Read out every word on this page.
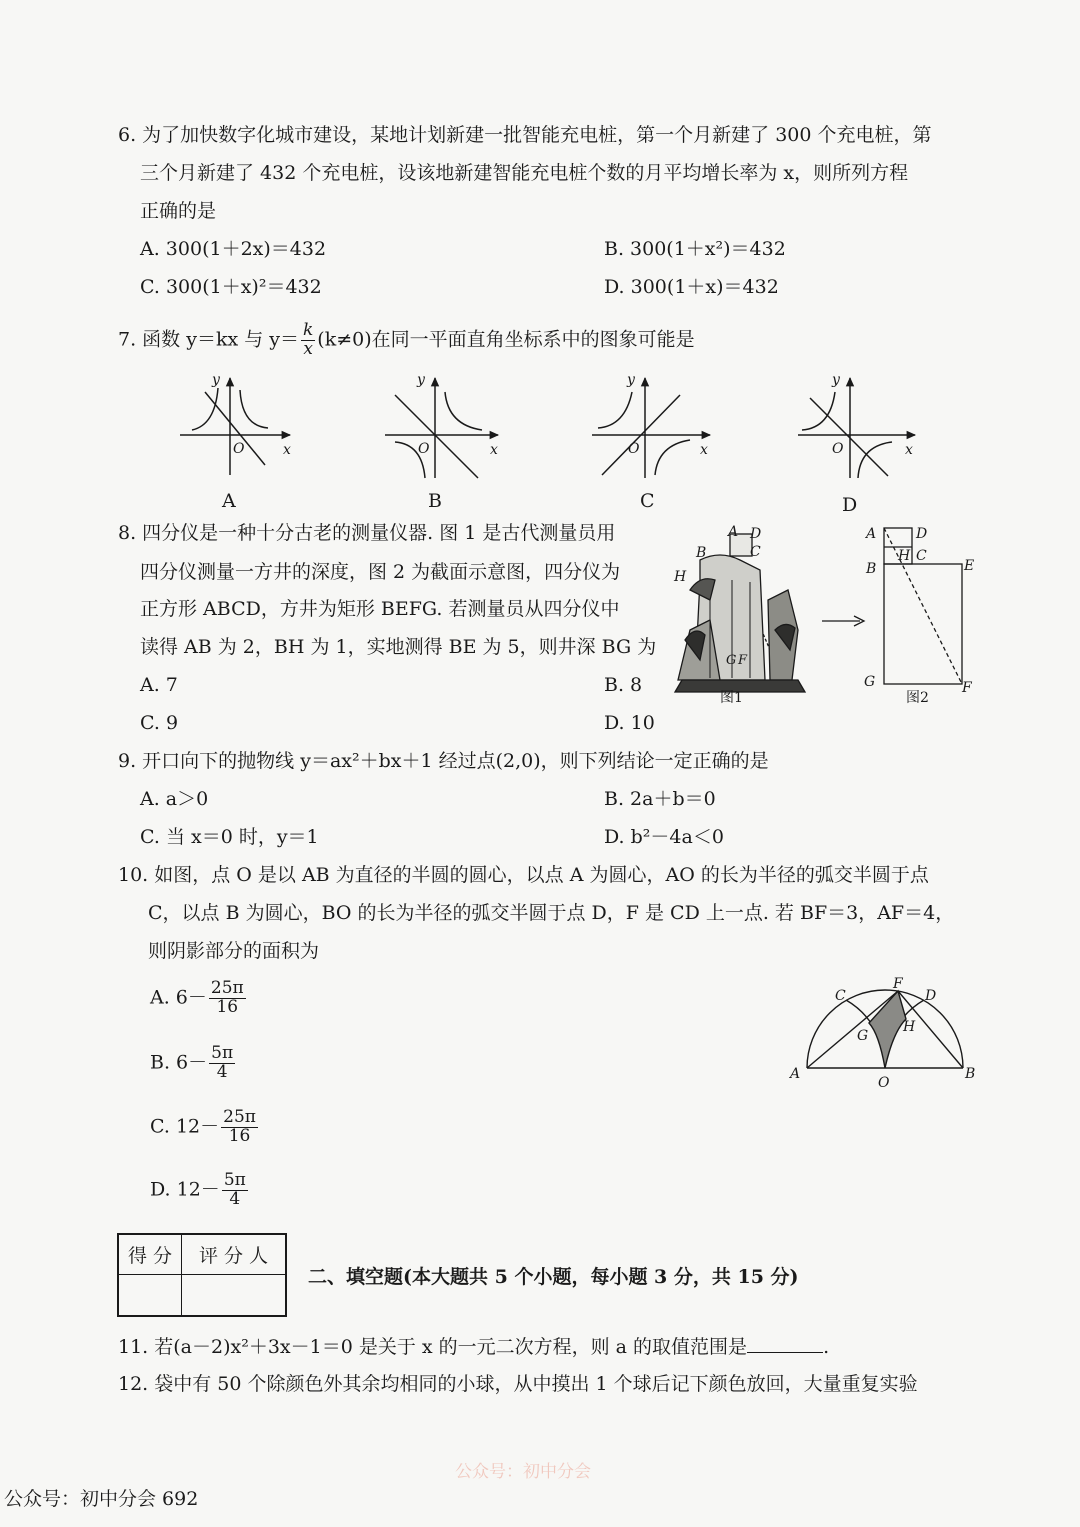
6. 为了加快数字化城市建设，某地计划新建一批智能充电桩，第一个月新建了 300 个充电桩，第
三个月新建了 432 个充电桩，设该地新建智能充电桩个数的月平均增长率为 x，则所列方程
正确的是
A. 300(1＋2x)＝432	B. 300(1＋x²)＝432
C. 300(1＋x)²＝432	D. 300(1＋x)＝432
7. 函数 y＝kx 与 $y= \frac{k}{x} (k\ne 0)$在同一平面直角坐标系中的图象可能是
y
x
O
A
y
x
O
B
y
x
O
C
y
x
O
D
8. 四分仪是一种十分古老的测量仪器. 图 1 是古代测量员用
四分仪测量一方井的深度，图 2 为截面示意图，四分仪为
正方形 ABCD，方井为矩形 BEFG. 若测量员从四分仪中
读得 AB 为 2，BH 为 1，实地测得 BE 为 5，则井深 BG 为
A. 7	B. 8
C. 9	D. 10
A D
B	C
H
G F
图1
A	D
H C
B	E
G	F
图2
9. 开口向下的抛物线 y＝ax²＋bx＋1 经过点(2,0)，则下列结论一定正确的是
A. a＞0	B. 2a＋b＝0
C. 当 x＝0 时，y＝1	D. b²－4a＜0
10. 如图，点 O 是以 AB 为直径的半圆的圆心，以点 A 为圆心，AO 的长为半径的弧交半圆于点
C，以点 B 为圆心，BO 的长为半径的弧交半圆于点 D，F 是 CD 上一点. 若 BF＝3，AF＝4，
则阴影部分的面积为
A. $6- \frac{25\pi}{16}$
B. $6- \frac{5\pi}{4}$
C. $12- \frac{25\pi}{16}$
D. $12- \frac{5\pi}{4}$
C
F
D
G
H
A
O
B
得 分	评 分 人

二、填空题(本大题共 5 个小题，每小题 3 分，共 15 分)
11. 若(a－2)x²＋3x－1＝0 是关于 x 的一元二次方程，则 a 的取值范围是	.
12. 袋中有 50 个除颜色外其余均相同的小球，从中摸出 1 个球后记下颜色放回，大量重复实验
公众号：初中分会
公众号：初中分会 692
